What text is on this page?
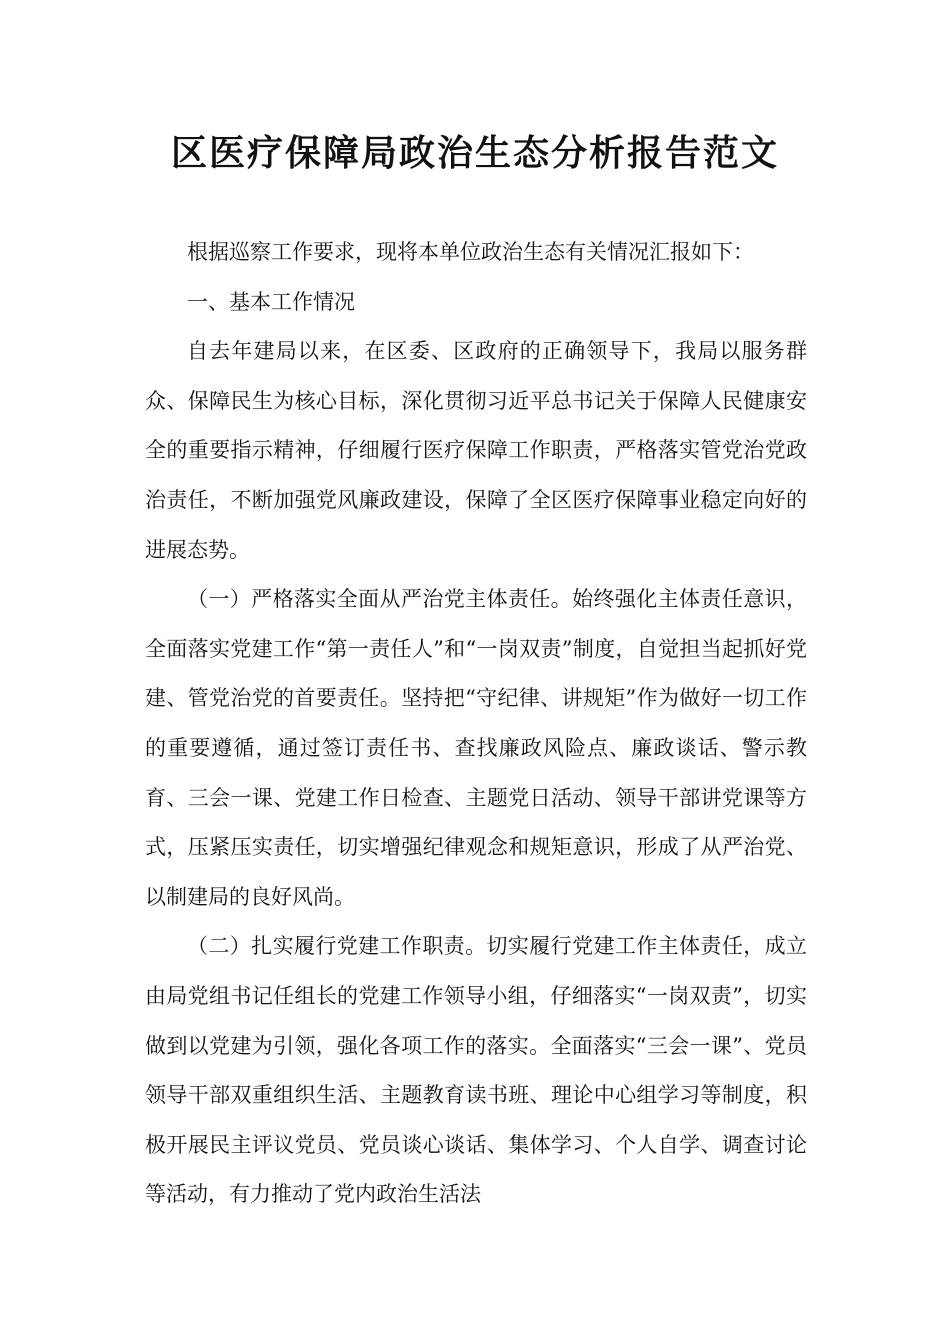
区医疗保障局政治生态分析报告范文

根据巡察工作要求，现将本单位政治生态有关情况汇报如下：

一、基本工作情况

自去年建局以来，在区委、区政府的正确领导下，我局以服务群众、保障民生为核心目标，深化贯彻习近平总书记关于保障人民健康安全的重要指示精神，仔细履行医疗保障工作职责，严格落实管党治党政治责任，不断加强党风廉政建设，保障了全区医疗保障事业稳定向好的进展态势。

（一）严格落实全面从严治党主体责任。始终强化主体责任意识，全面落实党建工作“第一责任人”和“一岗双责”制度，自觉担当起抓好党建、管党治党的首要责任。坚持把“守纪律、讲规矩”作为做好一切工作的重要遵循，通过签订责任书、查找廉政风险点、廉政谈话、警示教育、三会一课、党建工作日检查、主题党日活动、领导干部讲党课等方式，压紧压实责任，切实增强纪律观念和规矩意识，形成了从严治党、以制建局的良好风尚。

（二）扎实履行党建工作职责。切实履行党建工作主体责任，成立由局党组书记任组长的党建工作领导小组，仔细落实“一岗双责”，切实做到以党建为引领，强化各项工作的落实。全面落实“三会一课”、党员领导干部双重组织生活、主题教育读书班、理论中心组学习等制度，积极开展民主评议党员、党员谈心谈话、集体学习、个人自学、调查讨论等活动，有力推动了党内政治生活法
